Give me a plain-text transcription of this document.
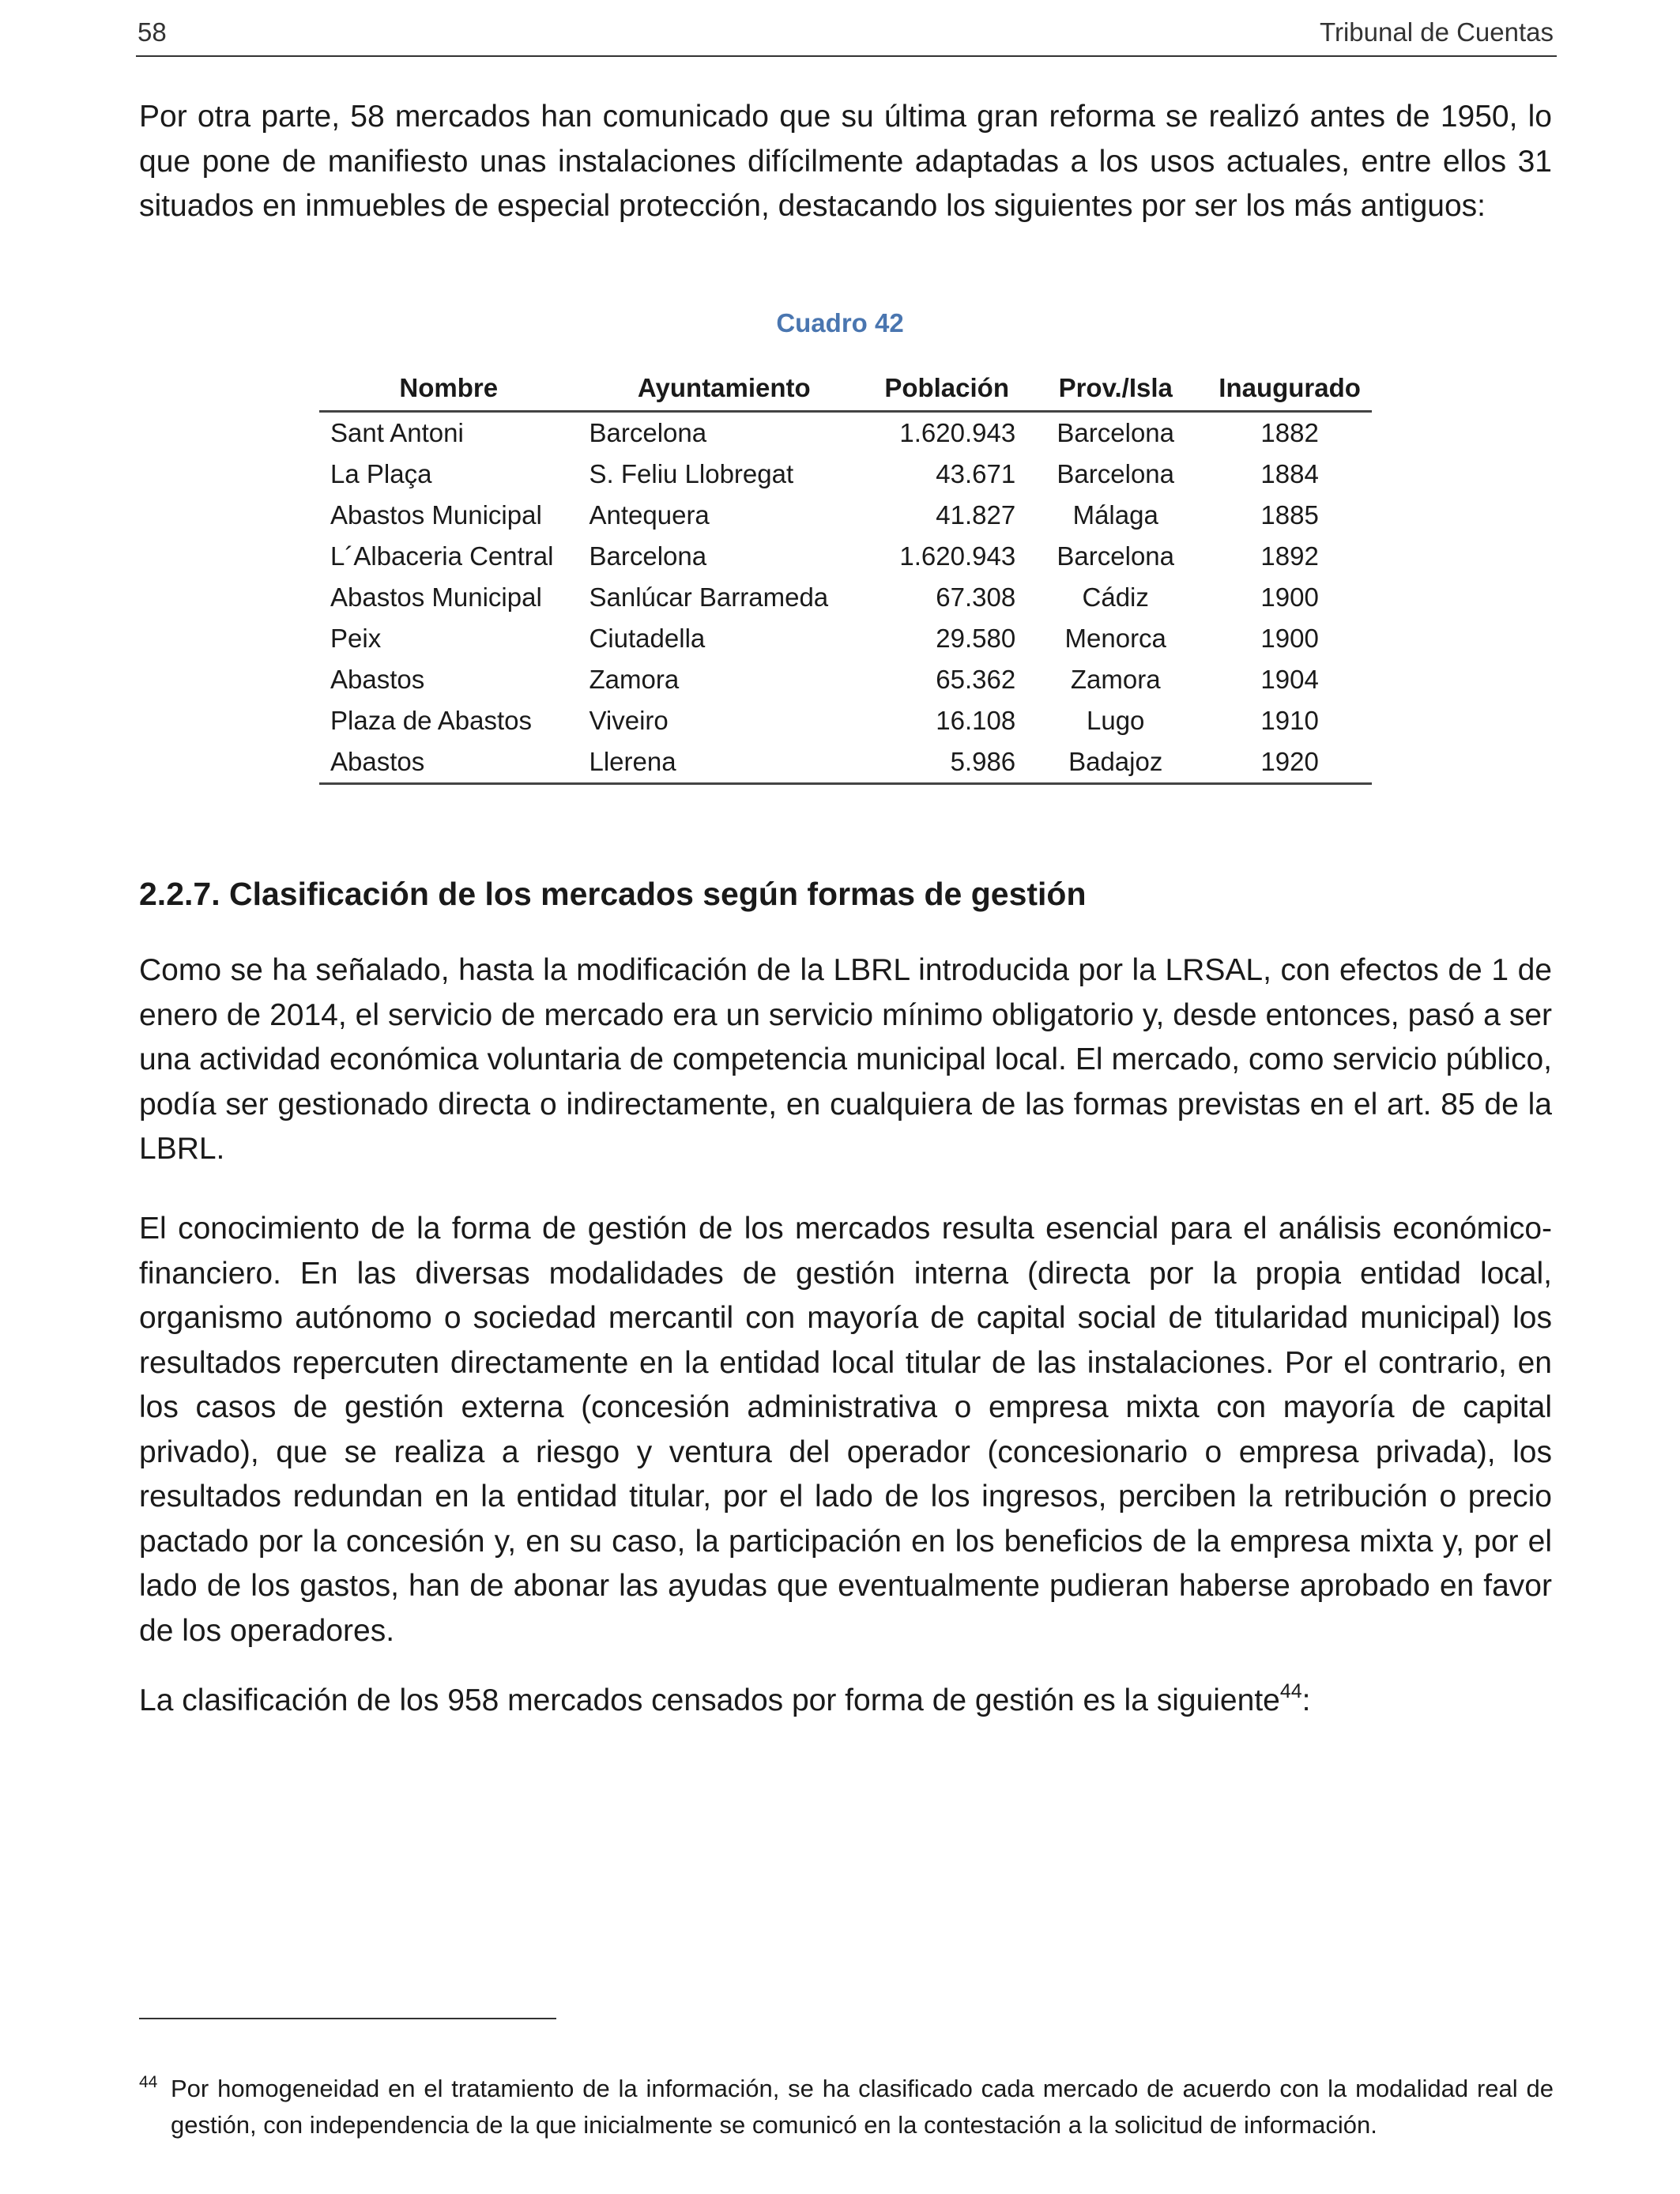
58	Tribunal de Cuentas

Por otra parte, 58 mercados han comunicado que su última gran reforma se realizó antes de 1950, lo que pone de manifiesto unas instalaciones difícilmente adaptadas a los usos actuales, entre ellos 31 situados en inmuebles de especial protección, destacando los siguientes por ser los más antiguos:

Cuadro 42
Nombre	Ayuntamiento	Población	Prov./Isla	Inaugurado
Sant Antoni	Barcelona	1.620.943	Barcelona	1882
La Plaça	S. Feliu Llobregat	43.671	Barcelona	1884
Abastos Municipal	Antequera	41.827	Málaga	1885
L´Albaceria Central	Barcelona	1.620.943	Barcelona	1892
Abastos Municipal	Sanlúcar Barrameda	67.308	Cádiz	1900
Peix	Ciutadella	29.580	Menorca	1900
Abastos	Zamora	65.362	Zamora	1904
Plaza de Abastos	Viveiro	16.108	Lugo	1910
Abastos	Llerena	5.986	Badajoz	1920
2.2.7. Clasificación de los mercados según formas de gestión

Como se ha señalado, hasta la modificación de la LBRL introducida por la LRSAL, con efectos de 1 de enero de 2014, el servicio de mercado era un servicio mínimo obligatorio y, desde entonces, pasó a ser una actividad económica voluntaria de competencia municipal local. El mercado, como servicio público, podía ser gestionado directa o indirectamente, en cualquiera de las formas previstas en el art. 85 de la LBRL.

El conocimiento de la forma de gestión de los mercados resulta esencial para el análisis económico-financiero. En las diversas modalidades de gestión interna (directa por la propia entidad local, organismo autónomo o sociedad mercantil con mayoría de capital social de titularidad municipal) los resultados repercuten directamente en la entidad local titular de las instalaciones. Por el contrario, en los casos de gestión externa (concesión administrativa o empresa mixta con mayoría de capital privado), que se realiza a riesgo y ventura del operador (concesionario o empresa privada), los resultados redundan en la entidad titular, por el lado de los ingresos, perciben la retribución o precio pactado por la concesión y, en su caso, la participación en los beneficios de la empresa mixta y, por el lado de los gastos, han de abonar las ayudas que eventualmente pudieran haberse aprobado en favor de los operadores.

La clasificación de los 958 mercados censados por forma de gestión es la siguiente$^{44}$:

44 Por homogeneidad en el tratamiento de la información, se ha clasificado cada mercado de acuerdo con la modalidad real de gestión, con independencia de la que inicialmente se comunicó en la contestación a la solicitud de información.
